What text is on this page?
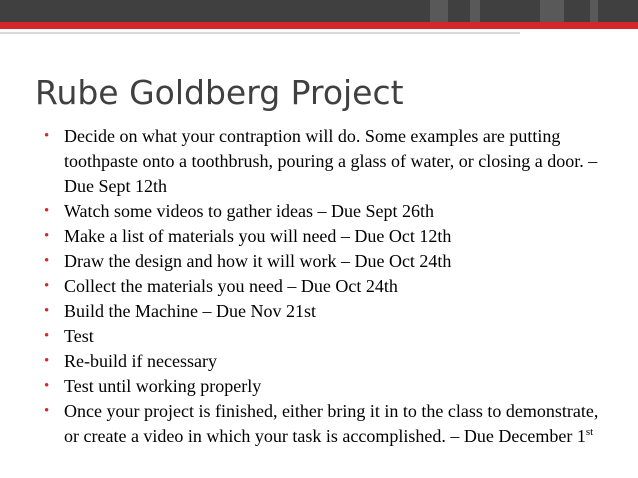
Rube Goldberg Project
• Decide on what your contraption will do. Some examples are putting toothpaste onto a toothbrush, pouring a glass of water, or closing a door. – Due Sept 12th
• Watch some videos to gather ideas – Due Sept 26th
• Make a list of materials you will need – Due Oct 12th
• Draw the design and how it will work – Due Oct 24th
• Collect the materials you need – Due Oct 24th
• Build the Machine – Due Nov 21st
• Test
• Re-build if necessary
• Test until working properly
• Once your project is finished, either bring it in to the class to demonstrate, or create a video in which your task is accomplished. – Due December 1st
